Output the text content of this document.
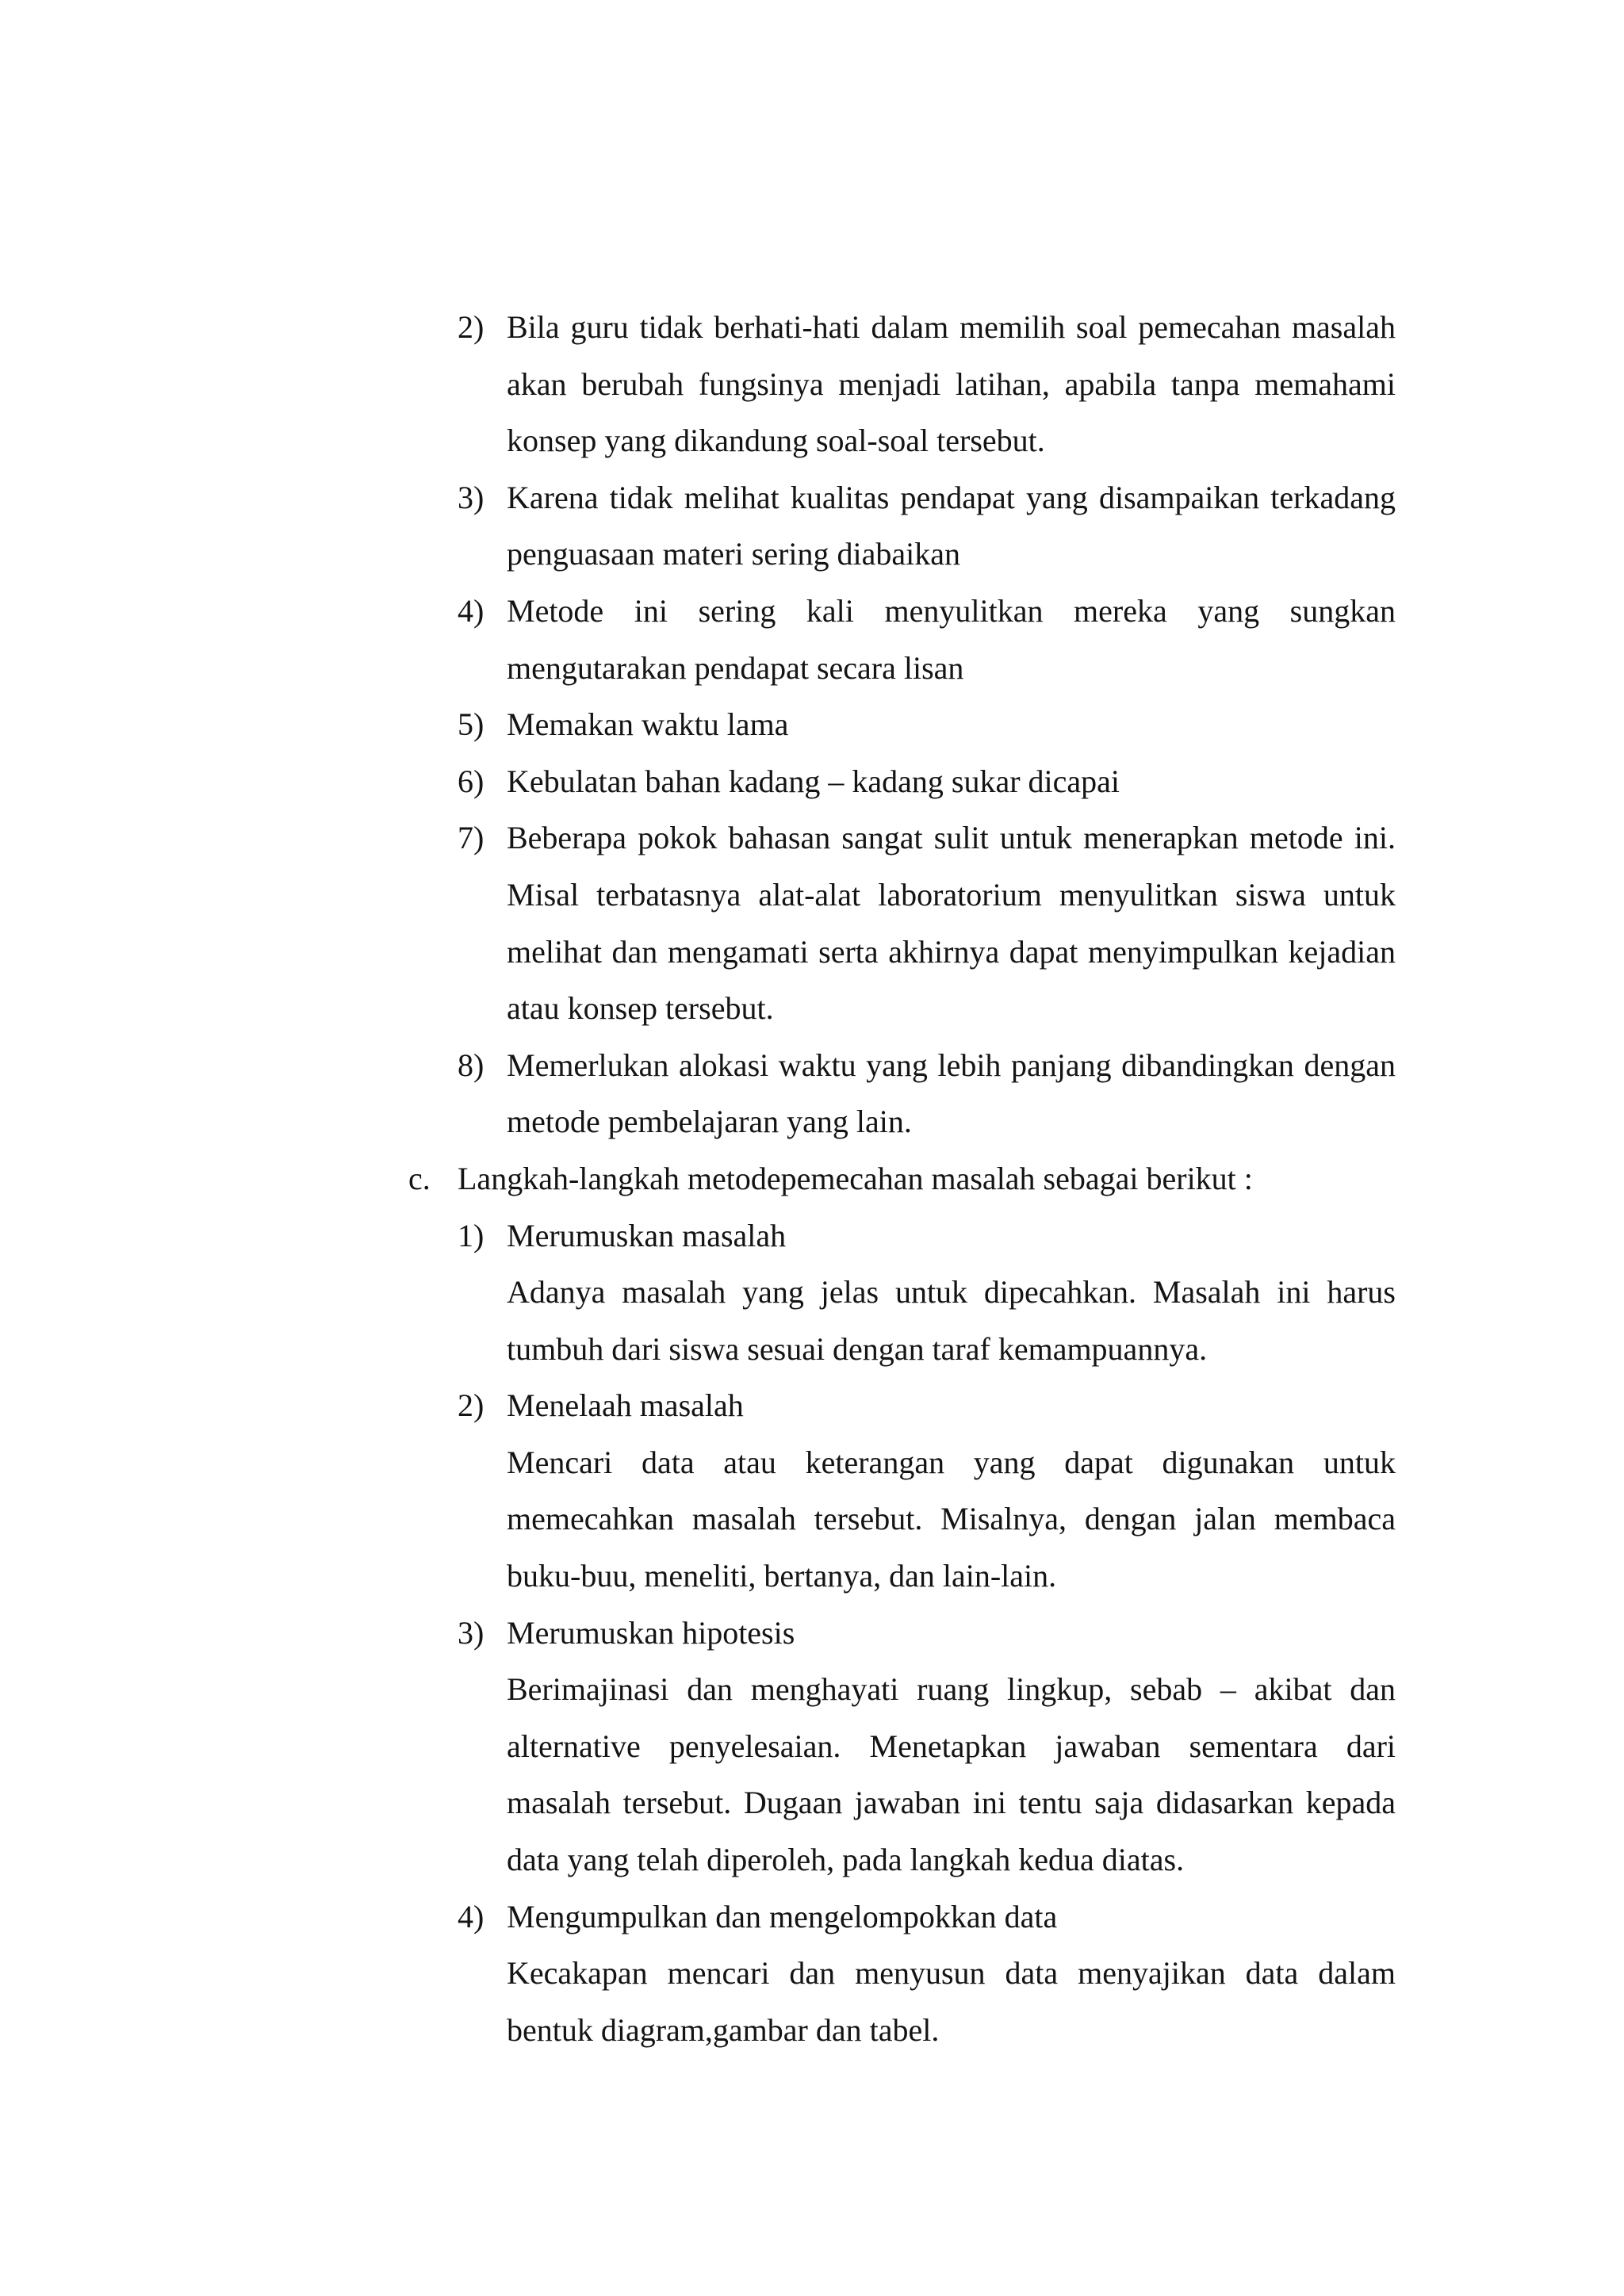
2) Bila guru tidak berhati-hati dalam memilih soal pemecahan masalah akan berubah fungsinya menjadi latihan, apabila tanpa memahami konsep yang dikandung soal-soal tersebut.
3) Karena tidak melihat kualitas pendapat yang disampaikan terkadang penguasaan materi sering diabaikan
4) Metode ini sering kali menyulitkan mereka yang sungkan mengutarakan pendapat secara lisan
5) Memakan waktu lama
6) Kebulatan bahan kadang – kadang sukar dicapai
7) Beberapa pokok bahasan sangat sulit untuk menerapkan metode ini. Misal terbatasnya alat-alat laboratorium menyulitkan siswa untuk melihat dan mengamati serta akhirnya dapat menyimpulkan kejadian atau konsep tersebut.
8) Memerlukan alokasi waktu yang lebih panjang dibandingkan dengan metode pembelajaran yang lain.
c. Langkah-langkah metodepemecahan masalah sebagai berikut :
1) Merumuskan masalah
Adanya masalah yang jelas untuk dipecahkan. Masalah ini harus tumbuh dari siswa sesuai dengan taraf kemampuannya.
2) Menelaah masalah
Mencari data atau keterangan yang dapat digunakan untuk memecahkan masalah tersebut. Misalnya, dengan jalan membaca buku-buu, meneliti, bertanya, dan lain-lain.
3) Merumuskan hipotesis
Berimajinasi dan menghayati ruang lingkup, sebab – akibat dan alternative penyelesaian. Menetapkan jawaban sementara dari masalah tersebut. Dugaan jawaban ini tentu saja didasarkan kepada data yang telah diperoleh, pada langkah kedua diatas.
4) Mengumpulkan dan mengelompokkan data
Kecakapan mencari dan menyusun data menyajikan data dalam bentuk diagram,gambar dan tabel.
